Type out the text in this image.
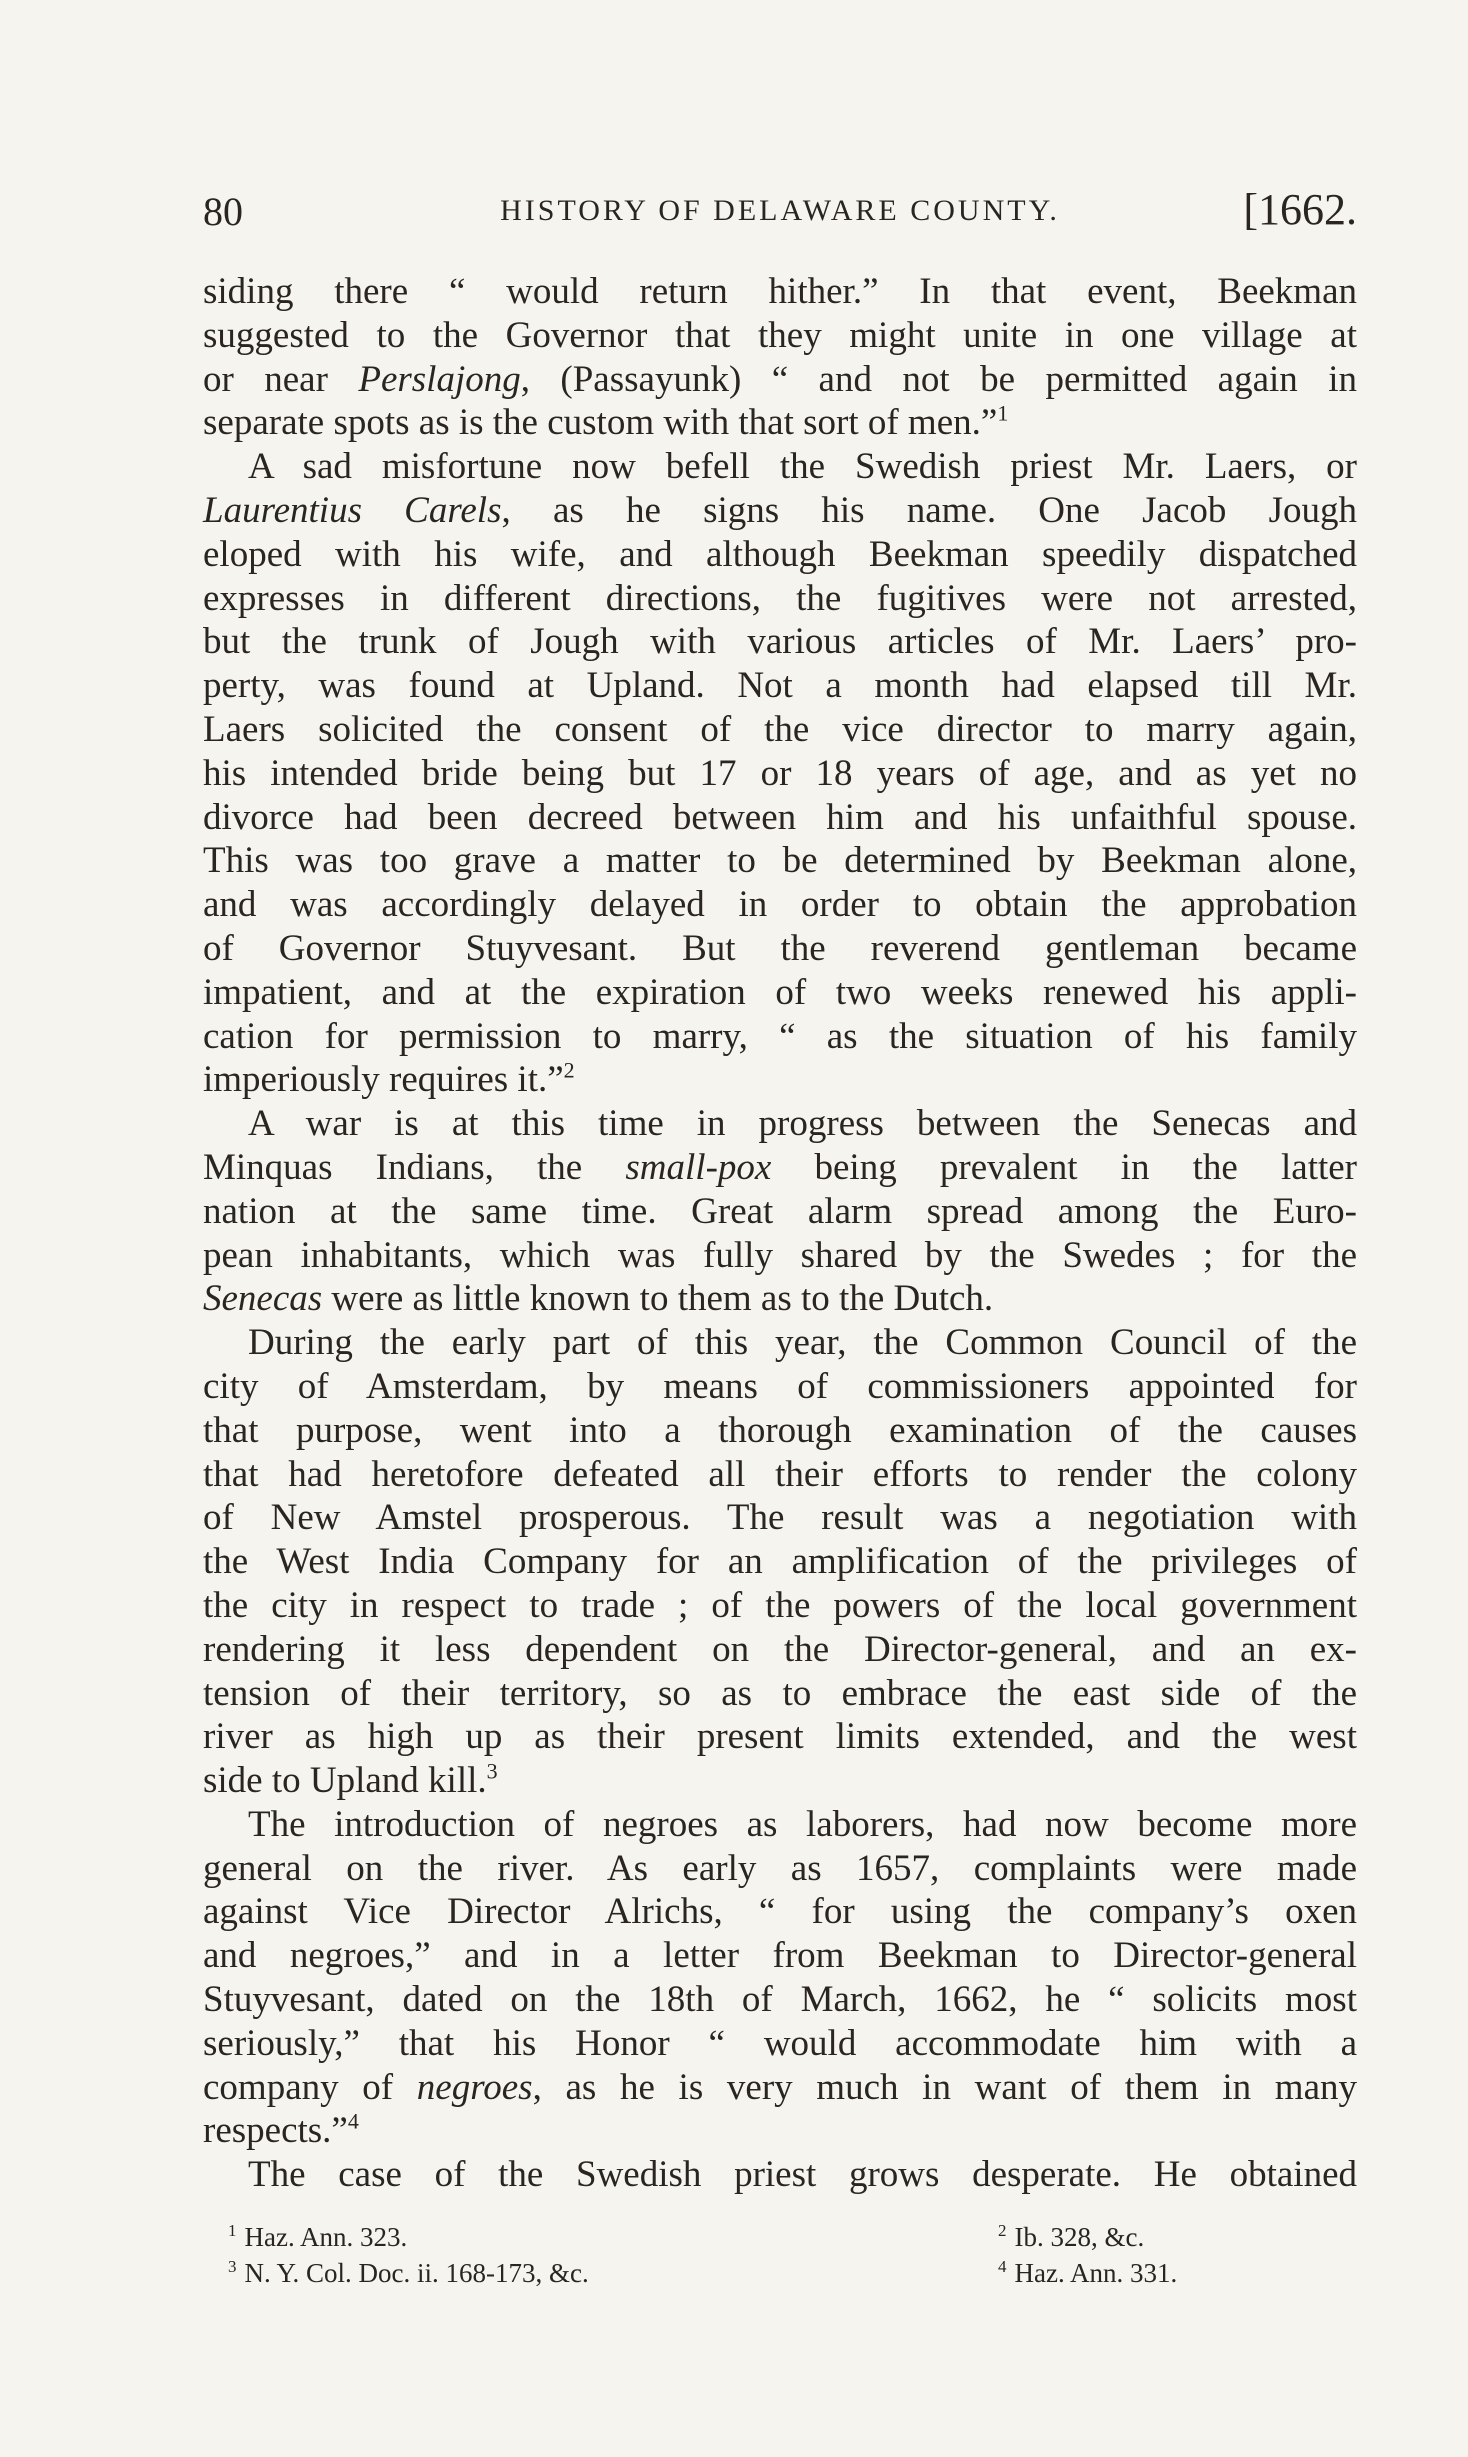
80	HISTORY OF DELAWARE COUNTY.	[1662.
siding there “ would return hither.” In that event, Beekman
suggested to the Governor that they might unite in one village at
or near Perslajong, (Passayunk) “ and not be permitted again in
separate spots as is the custom with that sort of men.”$^1$
A sad misfortune now befell the Swedish priest Mr. Laers, or
Laurentius Carels, as he signs his name. One Jacob Jough
eloped with his wife, and although Beekman speedily dispatched
expresses in different directions, the fugitives were not arrested,
but the trunk of Jough with various articles of Mr. Laers’ pro-
perty, was found at Upland. Not a month had elapsed till Mr.
Laers solicited the consent of the vice director to marry again,
his intended bride being but 17 or 18 years of age, and as yet no
divorce had been decreed between him and his unfaithful spouse.
This was too grave a matter to be determined by Beekman alone,
and was accordingly delayed in order to obtain the approbation
of Governor Stuyvesant. But the reverend gentleman became
impatient, and at the expiration of two weeks renewed his appli-
cation for permission to marry, “ as the situation of his family
imperiously requires it.”$^2$
A war is at this time in progress between the Senecas and
Minquas Indians, the small-pox being prevalent in the latter
nation at the same time. Great alarm spread among the Euro-
pean inhabitants, which was fully shared by the Swedes ; for the
Senecas were as little known to them as to the Dutch.
During the early part of this year, the Common Council of the
city of Amsterdam, by means of commissioners appointed for
that purpose, went into a thorough examination of the causes
that had heretofore defeated all their efforts to render the colony
of New Amstel prosperous. The result was a negotiation with
the West India Company for an amplification of the privileges of
the city in respect to trade ; of the powers of the local government
rendering it less dependent on the Director-general, and an ex-
tension of their territory, so as to embrace the east side of the
river as high up as their present limits extended, and the west
side to Upland kill.$^3$
The introduction of negroes as laborers, had now become more
general on the river. As early as 1657, complaints were made
against Vice Director Alrichs, “ for using the company’s oxen
and negroes,” and in a letter from Beekman to Director-general
Stuyvesant, dated on the 18th of March, 1662, he “ solicits most
seriously,” that his Honor “ would accommodate him with a
company of negroes, as he is very much in want of them in many
respects.”$^4$
The case of the Swedish priest grows desperate. He obtained
$^1$ Haz. Ann. 323.	$^2$ Ib. 328, &c.
$^3$ N. Y. Col. Doc. ii. 168-173, &c.	$^4$ Haz. Ann. 331.
